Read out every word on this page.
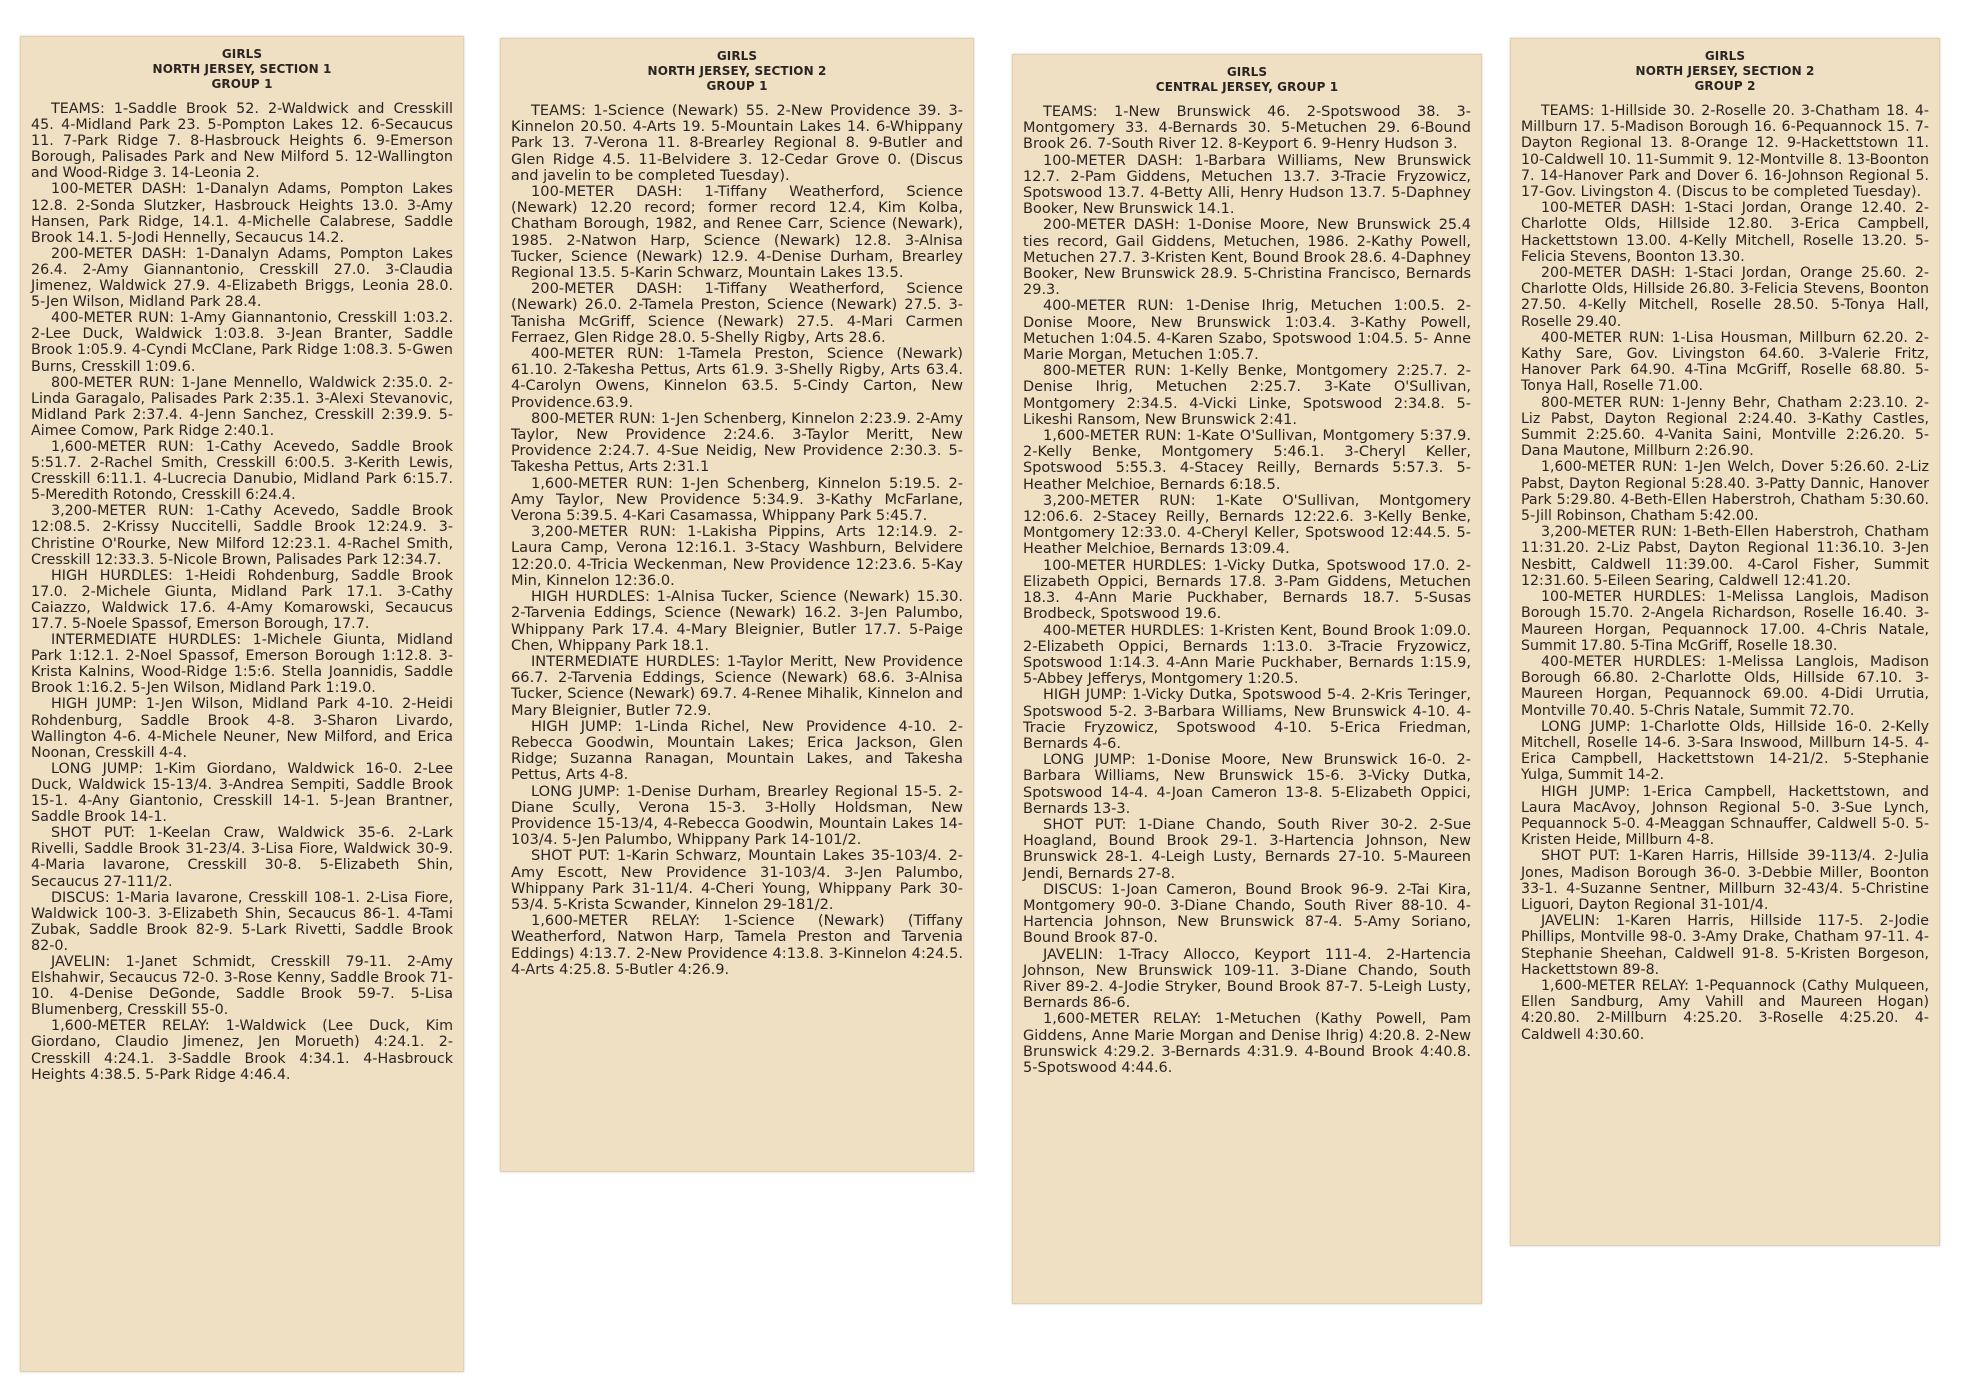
GIRLS
NORTH JERSEY, SECTION 1
GROUP 1

TEAMS: 1-Saddle Brook 52. 2-Waldwick and Cresskill 45. 4-Midland Park 23. 5-Pompton Lakes 12. 6-Secaucus 11. 7-Park Ridge 7. 8-Hasbrouck Heights 6. 9-Emerson Borough, Palisades Park and New Milford 5. 12-Wallington and Wood-Ridge 3. 14-Leonia 2.

100-METER DASH: 1-Danalyn Adams, Pompton Lakes 12.8. 2-Sonda Slutzker, Hasbrouck Heights 13.0. 3-Amy Hansen, Park Ridge, 14.1. 4-Michelle Calabrese, Saddle Brook 14.1. 5-Jodi Hennelly, Secaucus 14.2.

200-METER DASH: 1-Danalyn Adams, Pompton Lakes 26.4. 2-Amy Giannantonio, Cresskill 27.0. 3-Claudia Jimenez, Waldwick 27.9. 4-Elizabeth Briggs, Leonia 28.0. 5-Jen Wilson, Midland Park 28.4.

400-METER RUN: 1-Amy Giannantonio, Cresskill 1:03.2. 2-Lee Duck, Waldwick 1:03.8. 3-Jean Branter, Saddle Brook 1:05.9. 4-Cyndi McClane, Park Ridge 1:08.3. 5-Gwen Burns, Cresskill 1:09.6.

800-METER RUN: 1-Jane Mennello, Waldwick 2:35.0. 2-Linda Garagalo, Palisades Park 2:35.1. 3-Alexi Stevanovic, Midland Park 2:37.4. 4-Jenn Sanchez, Cresskill 2:39.9. 5-Aimee Comow, Park Ridge 2:40.1.

1,600-METER RUN: 1-Cathy Acevedo, Saddle Brook 5:51.7. 2-Rachel Smith, Cresskill 6:00.5. 3-Kerith Lewis, Cresskill 6:11.1. 4-Lucrecia Danubio, Midland Park 6:15.7. 5-Meredith Rotondo, Cresskill 6:24.4.

3,200-METER RUN: 1-Cathy Acevedo, Saddle Brook 12:08.5. 2-Krissy Nuccitelli, Saddle Brook 12:24.9. 3-Christine O'Rourke, New Milford 12:23.1. 4-Rachel Smith, Cresskill 12:33.3. 5-Nicole Brown, Palisades Park 12:34.7.

HIGH HURDLES: 1-Heidi Rohdenburg, Saddle Brook 17.0. 2-Michele Giunta, Midland Park 17.1. 3-Cathy Caiazzo, Waldwick 17.6. 4-Amy Komarowski, Secaucus 17.7. 5-Noele Spassof, Emerson Borough, 17.7.

INTERMEDIATE HURDLES: 1-Michele Giunta, Midland Park 1:12.1. 2-Noel Spassof, Emerson Borough 1:12.8. 3-Krista Kalnins, Wood-Ridge 1:5:6. Stella Joannidis, Saddle Brook 1:16.2. 5-Jen Wilson, Midland Park 1:19.0.

HIGH JUMP: 1-Jen Wilson, Midland Park 4-10. 2-Heidi Rohdenburg, Saddle Brook 4-8. 3-Sharon Livardo, Wallington 4-6. 4-Michele Neuner, New Milford, and Erica Noonan, Cresskill 4-4.

LONG JUMP: 1-Kim Giordano, Waldwick 16-0. 2-Lee Duck, Waldwick 15-13/4. 3-Andrea Sempiti, Saddle Brook 15-1. 4-Any Giantonio, Cresskill 14-1. 5-Jean Brantner, Saddle Brook 14-1.

SHOT PUT: 1-Keelan Craw, Waldwick 35-6. 2-Lark Rivelli, Saddle Brook 31-23/4. 3-Lisa Fiore, Waldwick 30-9. 4-Maria Iavarone, Cresskill 30-8. 5-Elizabeth Shin, Secaucus 27-111/2.

DISCUS: 1-Maria Iavarone, Cresskill 108-1. 2-Lisa Fiore, Waldwick 100-3. 3-Elizabeth Shin, Secaucus 86-1. 4-Tami Zubak, Saddle Brook 82-9. 5-Lark Rivetti, Saddle Brook 82-0.

JAVELIN: 1-Janet Schmidt, Cresskill 79-11. 2-Amy Elshahwir, Secaucus 72-0. 3-Rose Kenny, Saddle Brook 71-10. 4-Denise DeGonde, Saddle Brook 59-7. 5-Lisa Blumenberg, Cresskill 55-0.

1,600-METER RELAY: 1-Waldwick (Lee Duck, Kim Giordano, Claudio Jimenez, Jen Morueth) 4:24.1. 2-Cresskill 4:24.1. 3-Saddle Brook 4:34.1. 4-Hasbrouck Heights 4:38.5. 5-Park Ridge 4:46.4.

GIRLS
NORTH JERSEY, SECTION 2
GROUP 1

TEAMS: 1-Science (Newark) 55. 2-New Providence 39. 3-Kinnelon 20.50. 4-Arts 19. 5-Mountain Lakes 14. 6-Whippany Park 13. 7-Verona 11. 8-Brearley Regional 8. 9-Butler and Glen Ridge 4.5. 11-Belvidere 3. 12-Cedar Grove 0. (Discus and javelin to be completed Tuesday).

100-METER DASH: 1-Tiffany Weatherford, Science (Newark) 12.20 record; former record 12.4, Kim Kolba, Chatham Borough, 1982, and Renee Carr, Science (Newark), 1985. 2-Natwon Harp, Science (Newark) 12.8. 3-Alnisa Tucker, Science (Newark) 12.9. 4-Denise Durham, Brearley Regional 13.5. 5-Karin Schwarz, Mountain Lakes 13.5.

200-METER DASH: 1-Tiffany Weatherford, Science (Newark) 26.0. 2-Tamela Preston, Science (Newark) 27.5. 3-Tanisha McGriff, Science (Newark) 27.5. 4-Mari Carmen Ferraez, Glen Ridge 28.0. 5-Shelly Rigby, Arts 28.6.

400-METER RUN: 1-Tamela Preston, Science (Newark) 61.10. 2-Takesha Pettus, Arts 61.9. 3-Shelly Rigby, Arts 63.4. 4-Carolyn Owens, Kinnelon 63.5. 5-Cindy Carton, New Providence.63.9.

800-METER RUN: 1-Jen Schenberg, Kinnelon 2:23.9. 2-Amy Taylor, New Providence 2:24.6. 3-Taylor Meritt, New Providence 2:24.7. 4-Sue Neidig, New Providence 2:30.3. 5-Takesha Pettus, Arts 2:31.1

1,600-METER RUN: 1-Jen Schenberg, Kinnelon 5:19.5. 2-Amy Taylor, New Providence 5:34.9. 3-Kathy McFarlane, Verona 5:39.5. 4-Kari Casamassa, Whippany Park 5:45.7.

3,200-METER RUN: 1-Lakisha Pippins, Arts 12:14.9. 2-Laura Camp, Verona 12:16.1. 3-Stacy Washburn, Belvidere 12:20.0. 4-Tricia Weckenman, New Providence 12:23.6. 5-Kay Min, Kinnelon 12:36.0.

HIGH HURDLES: 1-Alnisa Tucker, Science (Newark) 15.30. 2-Tarvenia Eddings, Science (Newark) 16.2. 3-Jen Palumbo, Whippany Park 17.4. 4-Mary Bleignier, Butler 17.7. 5-Paige Chen, Whippany Park 18.1.

INTERMEDIATE HURDLES: 1-Taylor Meritt, New Providence 66.7. 2-Tarvenia Eddings, Science (Newark) 68.6. 3-Alnisa Tucker, Science (Newark) 69.7. 4-Renee Mihalik, Kinnelon and Mary Bleignier, Butler 72.9.

HIGH JUMP: 1-Linda Richel, New Providence 4-10. 2-Rebecca Goodwin, Mountain Lakes; Erica Jackson, Glen Ridge; Suzanna Ranagan, Mountain Lakes, and Takesha Pettus, Arts 4-8.

LONG JUMP: 1-Denise Durham, Brearley Regional 15-5. 2-Diane Scully, Verona 15-3. 3-Holly Holdsman, New Providence 15-13/4, 4-Rebecca Goodwin, Mountain Lakes 14-103/4. 5-Jen Palumbo, Whippany Park 14-101/2.

SHOT PUT: 1-Karin Schwarz, Mountain Lakes 35-103/4. 2-Amy Escott, New Providence 31-103/4. 3-Jen Palumbo, Whippany Park 31-11/4. 4-Cheri Young, Whippany Park 30-53/4. 5-Krista Scwander, Kinnelon 29-181/2.

1,600-METER RELAY: 1-Science (Newark) (Tiffany Weatherford, Natwon Harp, Tamela Preston and Tarvenia Eddings) 4:13.7. 2-New Providence 4:13.8. 3-Kinnelon 4:24.5. 4-Arts 4:25.8. 5-Butler 4:26.9.

GIRLS
CENTRAL JERSEY, GROUP 1

TEAMS: 1-New Brunswick 46. 2-Spotswood 38. 3-Montgomery 33. 4-Bernards 30. 5-Metuchen 29. 6-Bound Brook 26. 7-South River 12. 8-Keyport 6. 9-Henry Hudson 3.

100-METER DASH: 1-Barbara Williams, New Brunswick 12.7. 2-Pam Giddens, Metuchen 13.7. 3-Tracie Fryzowicz, Spotswood 13.7. 4-Betty Alli, Henry Hudson 13.7. 5-Daphney Booker, New Brunswick 14.1.

200-METER DASH: 1-Donise Moore, New Brunswick 25.4 ties record, Gail Giddens, Metuchen, 1986. 2-Kathy Powell, Metuchen 27.7. 3-Kristen Kent, Bound Brook 28.6. 4-Daphney Booker, New Brunswick 28.9. 5-Christina Francisco, Bernards 29.3.

400-METER RUN: 1-Denise Ihrig, Metuchen 1:00.5. 2-Donise Moore, New Brunswick 1:03.4. 3-Kathy Powell, Metuchen 1:04.5. 4-Karen Szabo, Spotswood 1:04.5. 5- Anne Marie Morgan, Metuchen 1:05.7.

800-METER RUN: 1-Kelly Benke, Montgomery 2:25.7. 2-Denise Ihrig, Metuchen 2:25.7. 3-Kate O'Sullivan, Montgomery 2:34.5. 4-Vicki Linke, Spotswood 2:34.8. 5-Likeshi Ransom, New Brunswick 2:41.

1,600-METER RUN: 1-Kate O'Sullivan, Montgomery 5:37.9. 2-Kelly Benke, Montgomery 5:46.1. 3-Cheryl Keller, Spotswood 5:55.3. 4-Stacey Reilly, Bernards 5:57.3. 5-Heather Melchioe, Bernards 6:18.5.

3,200-METER RUN: 1-Kate O'Sullivan, Montgomery 12:06.6. 2-Stacey Reilly, Bernards 12:22.6. 3-Kelly Benke, Montgomery 12:33.0. 4-Cheryl Keller, Spotswood 12:44.5. 5-Heather Melchioe, Bernards 13:09.4.

100-METER HURDLES: 1-Vicky Dutka, Spotswood 17.0. 2-Elizabeth Oppici, Bernards 17.8. 3-Pam Giddens, Metuchen 18.3. 4-Ann Marie Puckhaber, Bernards 18.7. 5-Susas Brodbeck, Spotswood 19.6.

400-METER HURDLES: 1-Kristen Kent, Bound Brook 1:09.0. 2-Elizabeth Oppici, Bernards 1:13.0. 3-Tracie Fryzowicz, Spotswood 1:14.3. 4-Ann Marie Puckhaber, Bernards 1:15.9, 5-Abbey Jefferys, Montgomery 1:20.5.

HIGH JUMP: 1-Vicky Dutka, Spotswood 5-4. 2-Kris Teringer, Spotswood 5-2. 3-Barbara Williams, New Brunswick 4-10. 4-Tracie Fryzowicz, Spotswood 4-10. 5-Erica Friedman, Bernards 4-6.

LONG JUMP: 1-Donise Moore, New Brunswick 16-0. 2-Barbara Williams, New Brunswick 15-6. 3-Vicky Dutka, Spotswood 14-4. 4-Joan Cameron 13-8. 5-Elizabeth Oppici, Bernards 13-3.

SHOT PUT: 1-Diane Chando, South River 30-2. 2-Sue Hoagland, Bound Brook 29-1. 3-Hartencia Johnson, New Brunswick 28-1. 4-Leigh Lusty, Bernards 27-10. 5-Maureen Jendi, Bernards 27-8.

DISCUS: 1-Joan Cameron, Bound Brook 96-9. 2-Tai Kira, Montgomery 90-0. 3-Diane Chando, South River 88-10. 4-Hartencia Johnson, New Brunswick 87-4. 5-Amy Soriano, Bound Brook 87-0.

JAVELIN: 1-Tracy Allocco, Keyport 111-4. 2-Hartencia Johnson, New Brunswick 109-11. 3-Diane Chando, South River 89-2. 4-Jodie Stryker, Bound Brook 87-7. 5-Leigh Lusty, Bernards 86-6.

1,600-METER RELAY: 1-Metuchen (Kathy Powell, Pam Giddens, Anne Marie Morgan and Denise Ihrig) 4:20.8. 2-New Brunswick 4:29.2. 3-Bernards 4:31.9. 4-Bound Brook 4:40.8. 5-Spotswood 4:44.6.

GIRLS
NORTH JERSEY, SECTION 2
GROUP 2

TEAMS: 1-Hillside 30. 2-Roselle 20. 3-Chatham 18. 4-Millburn 17. 5-Madison Borough 16. 6-Pequannock 15. 7-Dayton Regional 13. 8-Orange 12. 9-Hackettstown 11. 10-Caldwell 10. 11-Summit 9. 12-Montville 8. 13-Boonton 7. 14-Hanover Park and Dover 6. 16-Johnson Regional 5. 17-Gov. Livingston 4. (Discus to be completed Tuesday).

100-METER DASH: 1-Staci Jordan, Orange 12.40. 2-Charlotte Olds, Hillside 12.80. 3-Erica Campbell, Hackettstown 13.00. 4-Kelly Mitchell, Roselle 13.20. 5-Felicia Stevens, Boonton 13.30.

200-METER DASH: 1-Staci Jordan, Orange 25.60. 2-Charlotte Olds, Hillside 26.80. 3-Felicia Stevens, Boonton 27.50. 4-Kelly Mitchell, Roselle 28.50. 5-Tonya Hall, Roselle 29.40.

400-METER RUN: 1-Lisa Housman, Millburn 62.20. 2-Kathy Sare, Gov. Livingston 64.60. 3-Valerie Fritz, Hanover Park 64.90. 4-Tina McGriff, Roselle 68.80. 5-Tonya Hall, Roselle 71.00.

800-METER RUN: 1-Jenny Behr, Chatham 2:23.10. 2-Liz Pabst, Dayton Regional 2:24.40. 3-Kathy Castles, Summit 2:25.60. 4-Vanita Saini, Montville 2:26.20. 5-Dana Mautone, Millburn 2:26.90.

1,600-METER RUN: 1-Jen Welch, Dover 5:26.60. 2-Liz Pabst, Dayton Regional 5:28.40. 3-Patty Dannic, Hanover Park 5:29.80. 4-Beth-Ellen Haberstroh, Chatham 5:30.60. 5-Jill Robinson, Chatham 5:42.00.

3,200-METER RUN: 1-Beth-Ellen Haberstroh, Chatham 11:31.20. 2-Liz Pabst, Dayton Regional 11:36.10. 3-Jen Nesbitt, Caldwell 11:39.00. 4-Carol Fisher, Summit 12:31.60. 5-Eileen Searing, Caldwell 12:41.20.

100-METER HURDLES: 1-Melissa Langlois, Madison Borough 15.70. 2-Angela Richardson, Roselle 16.40. 3-Maureen Horgan, Pequannock 17.00. 4-Chris Natale, Summit 17.80. 5-Tina McGriff, Roselle 18.30.

400-METER HURDLES: 1-Melissa Langlois, Madison Borough 66.80. 2-Charlotte Olds, Hillside 67.10. 3-Maureen Horgan, Pequannock 69.00. 4-Didi Urrutia, Montville 70.40. 5-Chris Natale, Summit 72.70.

LONG JUMP: 1-Charlotte Olds, Hillside 16-0. 2-Kelly Mitchell, Roselle 14-6. 3-Sara Inswood, Millburn 14-5. 4-Erica Campbell, Hackettstown 14-21/2. 5-Stephanie Yulga, Summit 14-2.

HIGH JUMP: 1-Erica Campbell, Hackettstown, and Laura MacAvoy, Johnson Regional 5-0. 3-Sue Lynch, Pequannock 5-0. 4-Meaggan Schnauffer, Caldwell 5-0. 5-Kristen Heide, Millburn 4-8.

SHOT PUT: 1-Karen Harris, Hillside 39-113/4. 2-Julia Jones, Madison Borough 36-0. 3-Debbie Miller, Boonton 33-1. 4-Suzanne Sentner, Millburn 32-43/4. 5-Christine Liguori, Dayton Regional 31-101/4.

JAVELIN: 1-Karen Harris, Hillside 117-5. 2-Jodie Phillips, Montville 98-0. 3-Amy Drake, Chatham 97-11. 4-Stephanie Sheehan, Caldwell 91-8. 5-Kristen Borgeson, Hackettstown 89-8.

1,600-METER RELAY: 1-Pequannock (Cathy Mulqueen, Ellen Sandburg, Amy Vahill and Maureen Hogan) 4:20.80. 2-Millburn 4:25.20. 3-Roselle 4:25.20. 4-Caldwell 4:30.60.
